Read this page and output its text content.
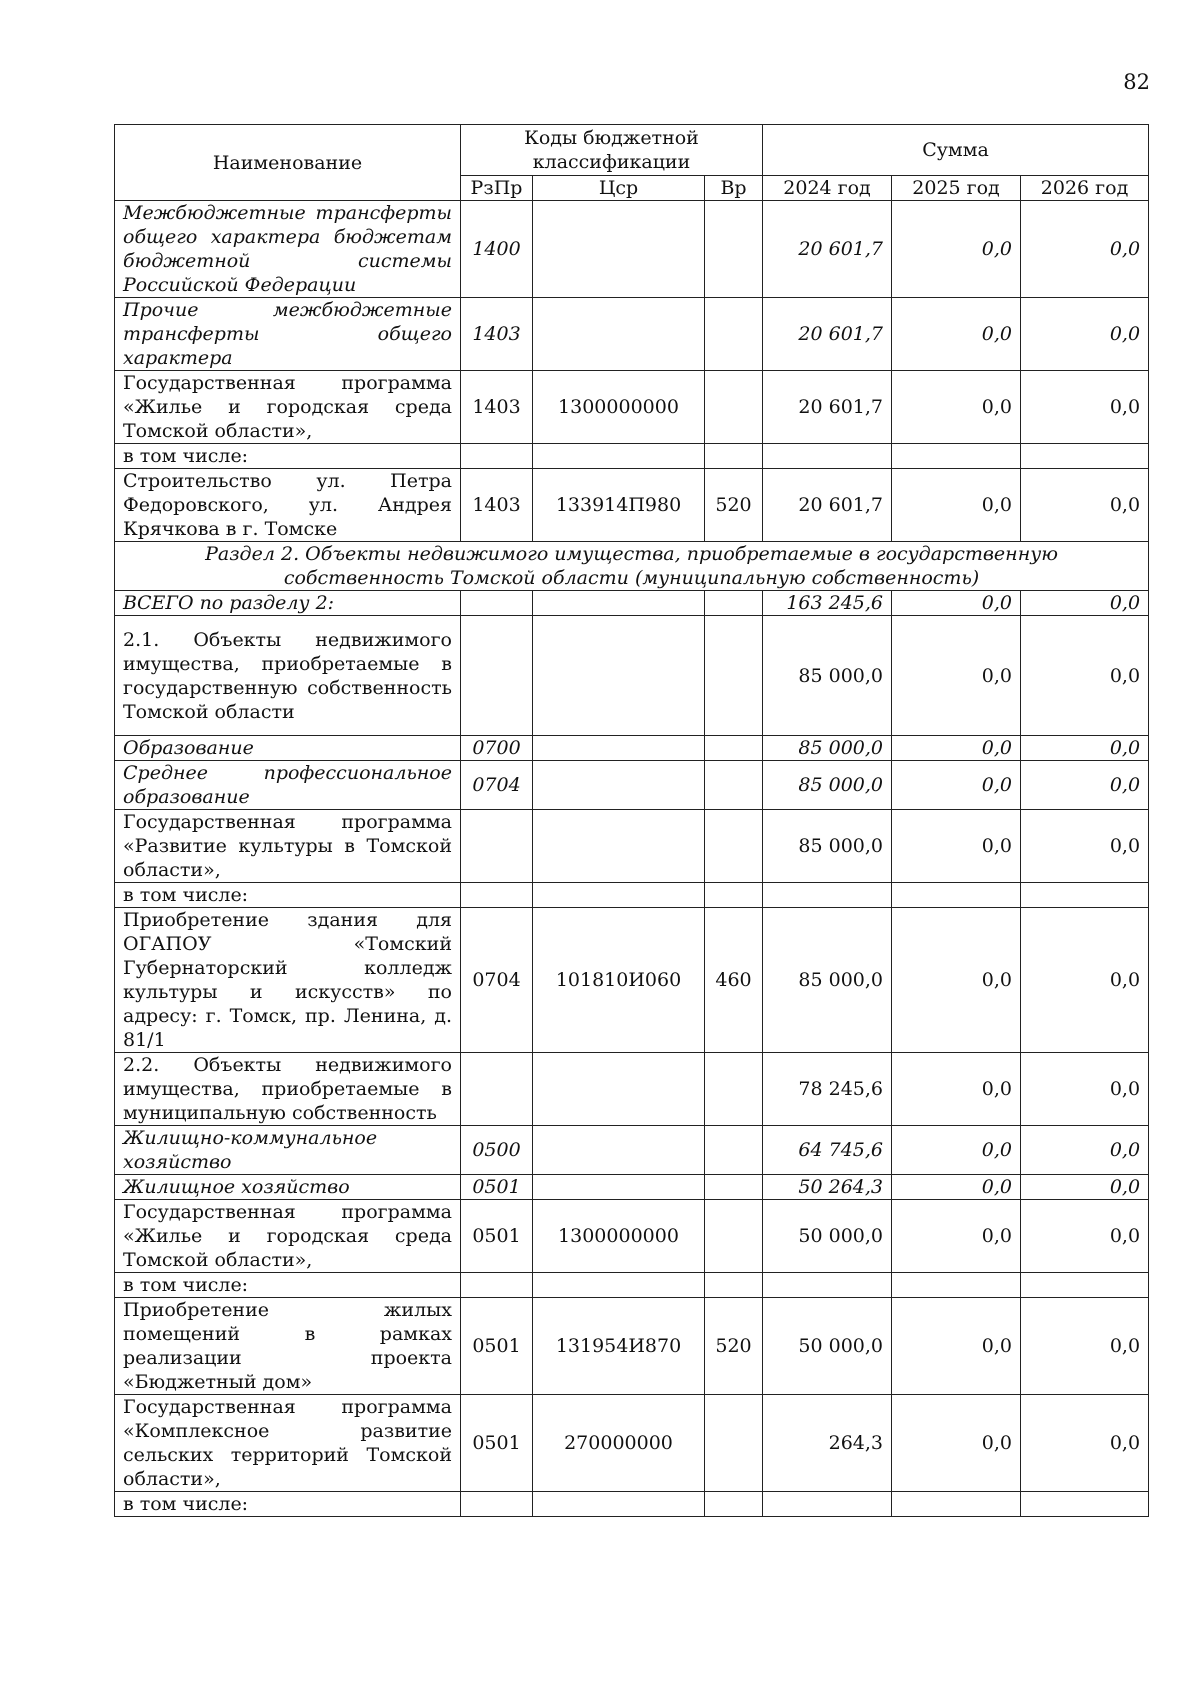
82
Наименование	Коды бюджетной классификации			Сумма		
	РзПр	Цср	Вр	2024 год	2025 год	2026 год
Межбюджетные трансферты общего характера бюджетам бюджетной системы Российской Федерации	1400			20 601,7	0,0	0,0
Прочие межбюджетные трансферты общего характера	1403			20 601,7	0,0	0,0
Государственная программа «Жилье и городская среда Томской области»,	1403	1300000000		20 601,7	0,0	0,0
в том числе:						
Строительство ул. Петра Федоровского, ул. Андрея Крячкова в г. Томске	1403	133914П980	520	20 601,7	0,0	0,0
Раздел 2. Объекты недвижимого имущества, приобретаемые в государственную собственность Томской области (муниципальную собственность)						
ВСЕГО по разделу 2:				163 245,6	0,0	0,0
2.1. Объекты недвижимого имущества, приобретаемые в государственную собственность Томской области				85 000,0	0,0	0,0
Образование	0700			85 000,0	0,0	0,0
Среднее профессиональное образование	0704			85 000,0	0,0	0,0
Государственная программа «Развитие культуры в Томской области»,				85 000,0	0,0	0,0
в том числе:						
Приобретение здания для ОГАПОУ «Томский Губернаторский колледж культуры и искусств» по адресу: г. Томск, пр. Ленина, д. 81/1	0704	101810И060	460	85 000,0	0,0	0,0
2.2. Объекты недвижимого имущества, приобретаемые в муниципальную собственность				78 245,6	0,0	0,0
Жилищно-коммунальное хозяйство	0500			64 745,6	0,0	0,0
Жилищное хозяйство	0501			50 264,3	0,0	0,0
Государственная программа «Жилье и городская среда Томской области»,	0501	1300000000		50 000,0	0,0	0,0
в том числе:						
Приобретение жилых помещений в рамках реализации проекта «Бюджетный дом»	0501	131954И870	520	50 000,0	0,0	0,0
Государственная программа «Комплексное развитие сельских территорий Томской области»,	0501	270000000		264,3	0,0	0,0
в том числе:						
